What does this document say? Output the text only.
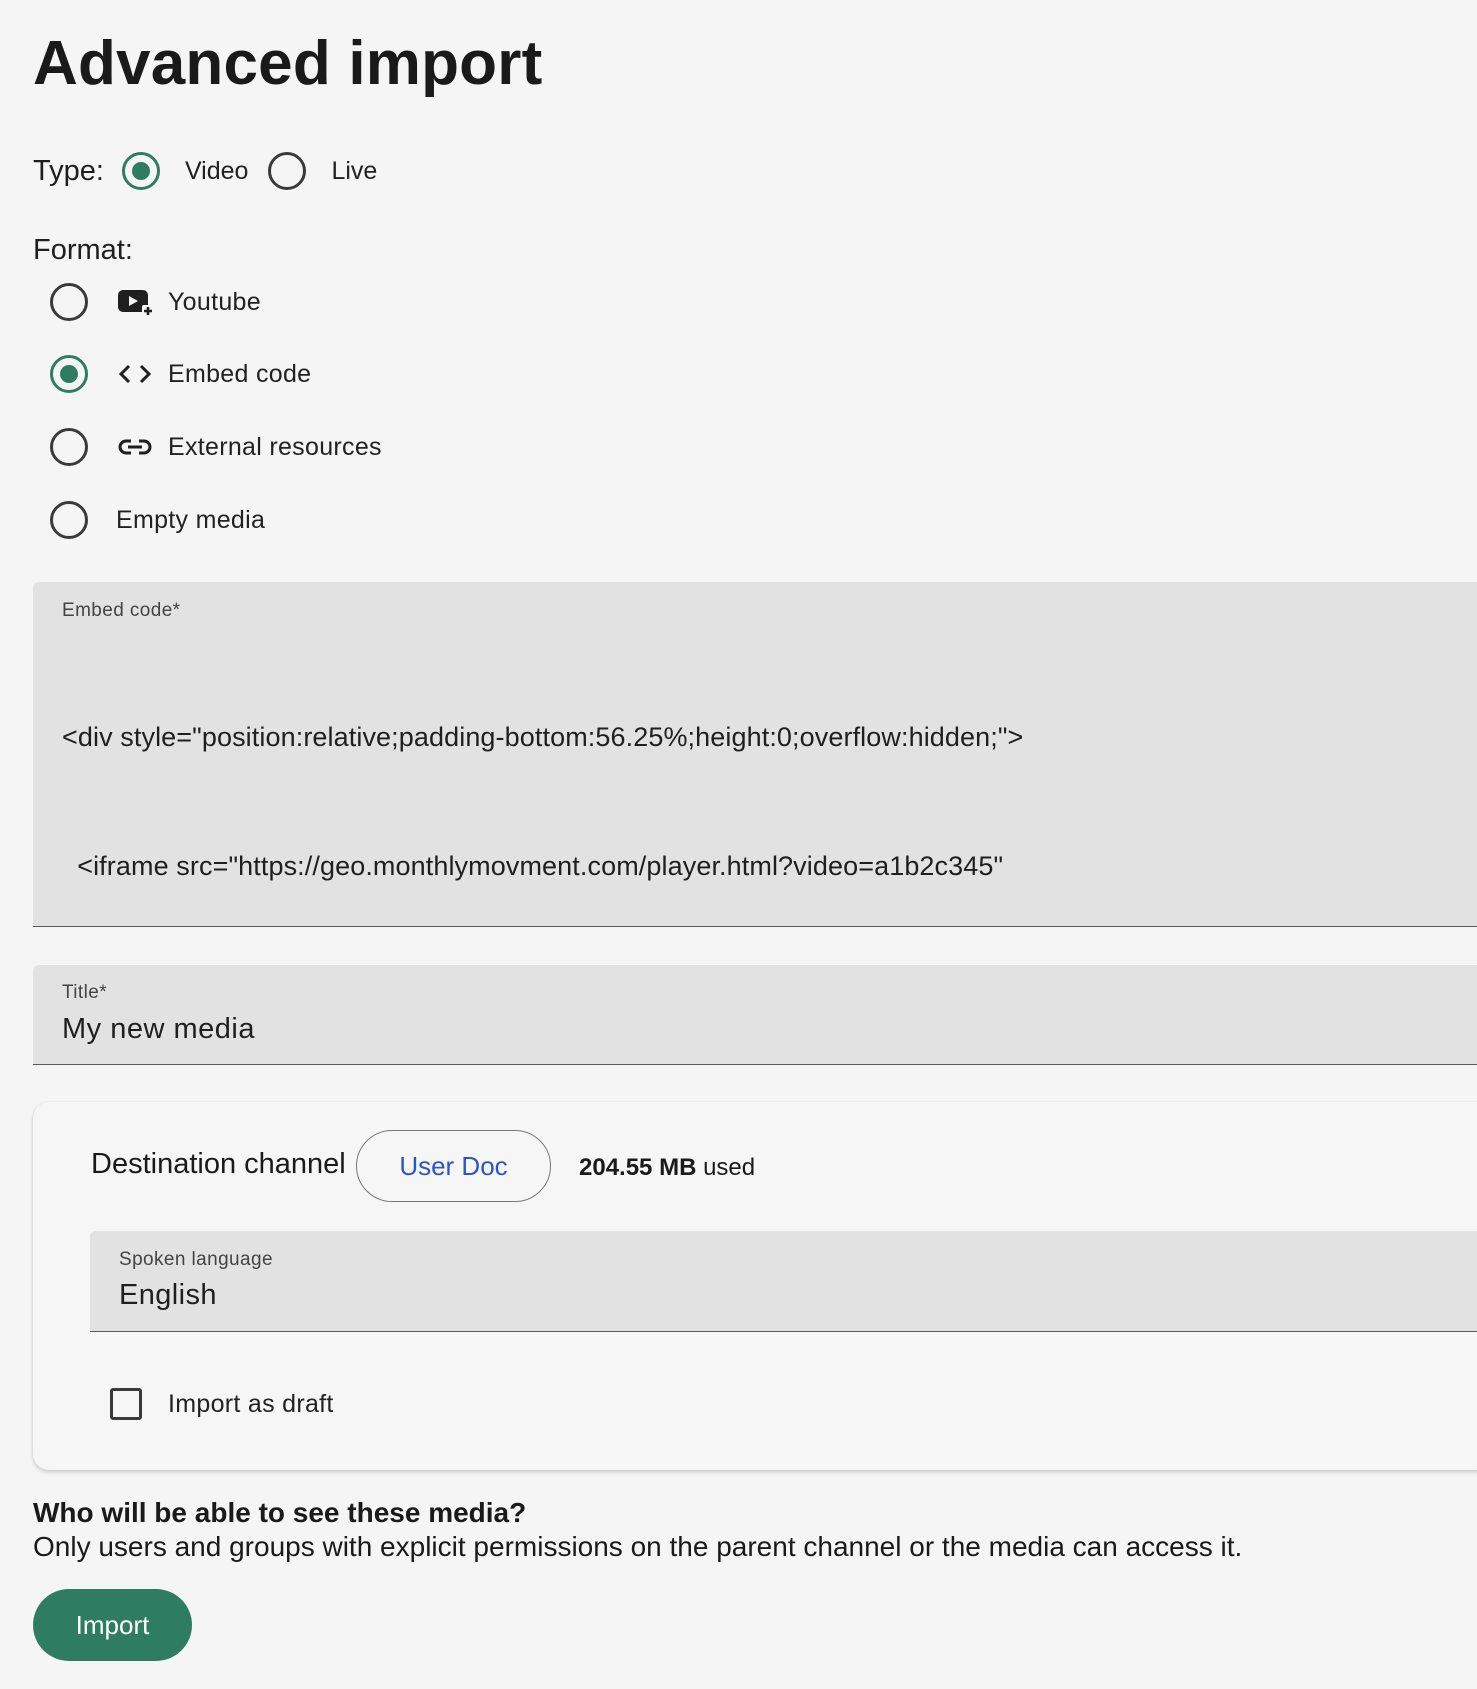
Advanced import
Type:	Video	Live
Format:
Youtube
Embed code
External resources
Empty media
Embed code*

<div style="position:relative;padding-bottom:56.25%;height:0;overflow:hidden;">

<iframe src="https://geo.monthlymovment.com/player.html?video=a1b2c345"

Title*
My new media
Destination channel	User Doc	204.55 MB used
Spoken language
English
Import as draft
Who will be able to see these media?
Only users and groups with explicit permissions on the parent channel or the media can access it.
Import
